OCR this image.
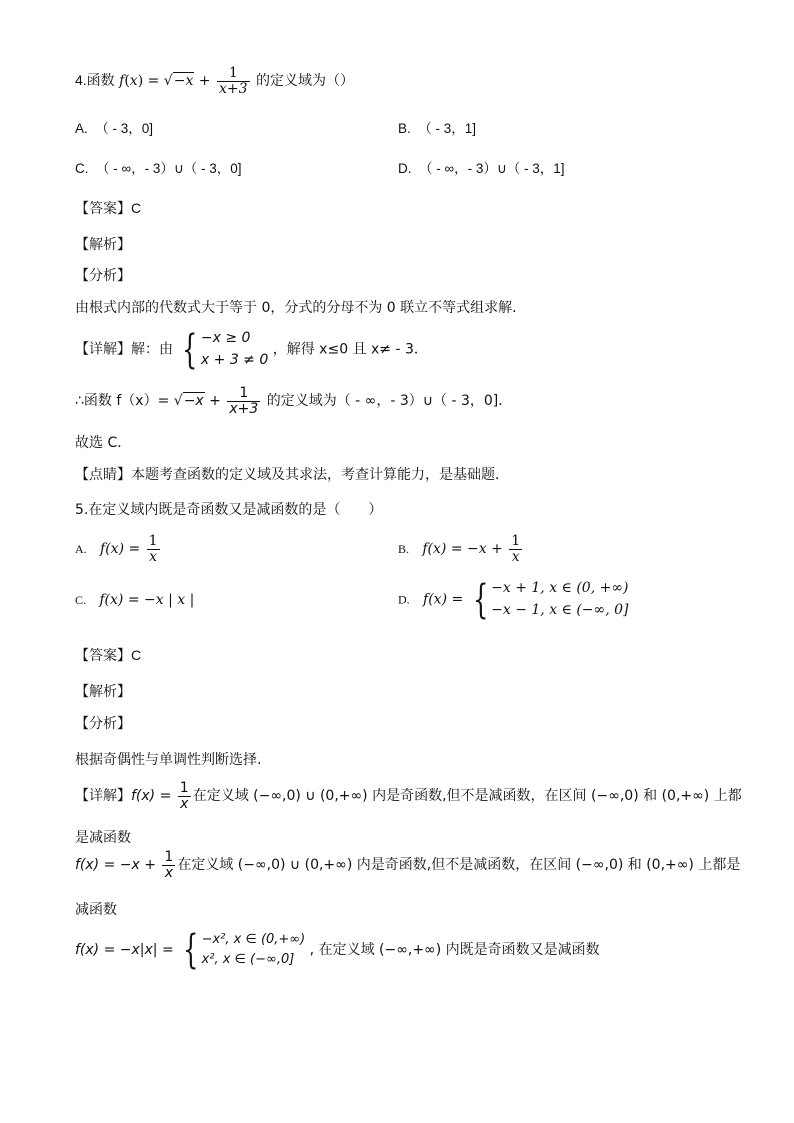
4.函数 $f(x) = √-x + \frac{1}{x+3}$ 的定义域为（）
A. （ - 3，0]	B. （ - 3，1]
C. （ - ∞，- 3）∪（ - 3，0]	D. （ - ∞，- 3）∪（ - 3，1]
【答案】C
【解析】
【分析】
由根式内部的代数式大于等于 0，分式的分母不为 0 联立不等式组求解．
【详解】解：由 { −x ≥ 0
x + 3 ≠ 0
，解得 x≤0 且 x≠ - 3．
∴函数 $f(x)= √-x + \frac{1}{x+3}$ 的定义域为（ - ∞，- 3）∪（ - 3，0]．
故选 C．
【点睛】本题考查函数的定义域及其求法，考查计算能力，是基础题．
5.在定义域内既是奇函数又是减函数的是（　　）
A. $f(x) = \frac{1}{x}$	B. $f(x) = -x + \frac{1}{x}$
C. f(x) = −x | x |	D. f(x) = { −x + 1, x ∈ (0, +∞)
−x − 1, x ∈ (−∞, 0]
【答案】C
【解析】
【分析】
根据奇偶性与单调性判断选择.
【详解】$f(x) = \frac{1}{x}$ 在定义域 (−∞,0) ∪ (0,+∞) 内是奇函数,但不是减函数，在区间 (−∞,0) 和 (0,+∞) 上都
是减函数
$f(x) = -x + \frac{1}{x}$ 在定义域 (−∞,0) ∪ (0,+∞) 内是奇函数,但不是减函数，在区间 (−∞,0) 和 (0,+∞) 上都是
减函数
f(x) = −x|x| = { −x², x ∈ (0,+∞)
x², x ∈ (−∞,0]
, 在定义域 (−∞,+∞) 内既是奇函数又是减函数
